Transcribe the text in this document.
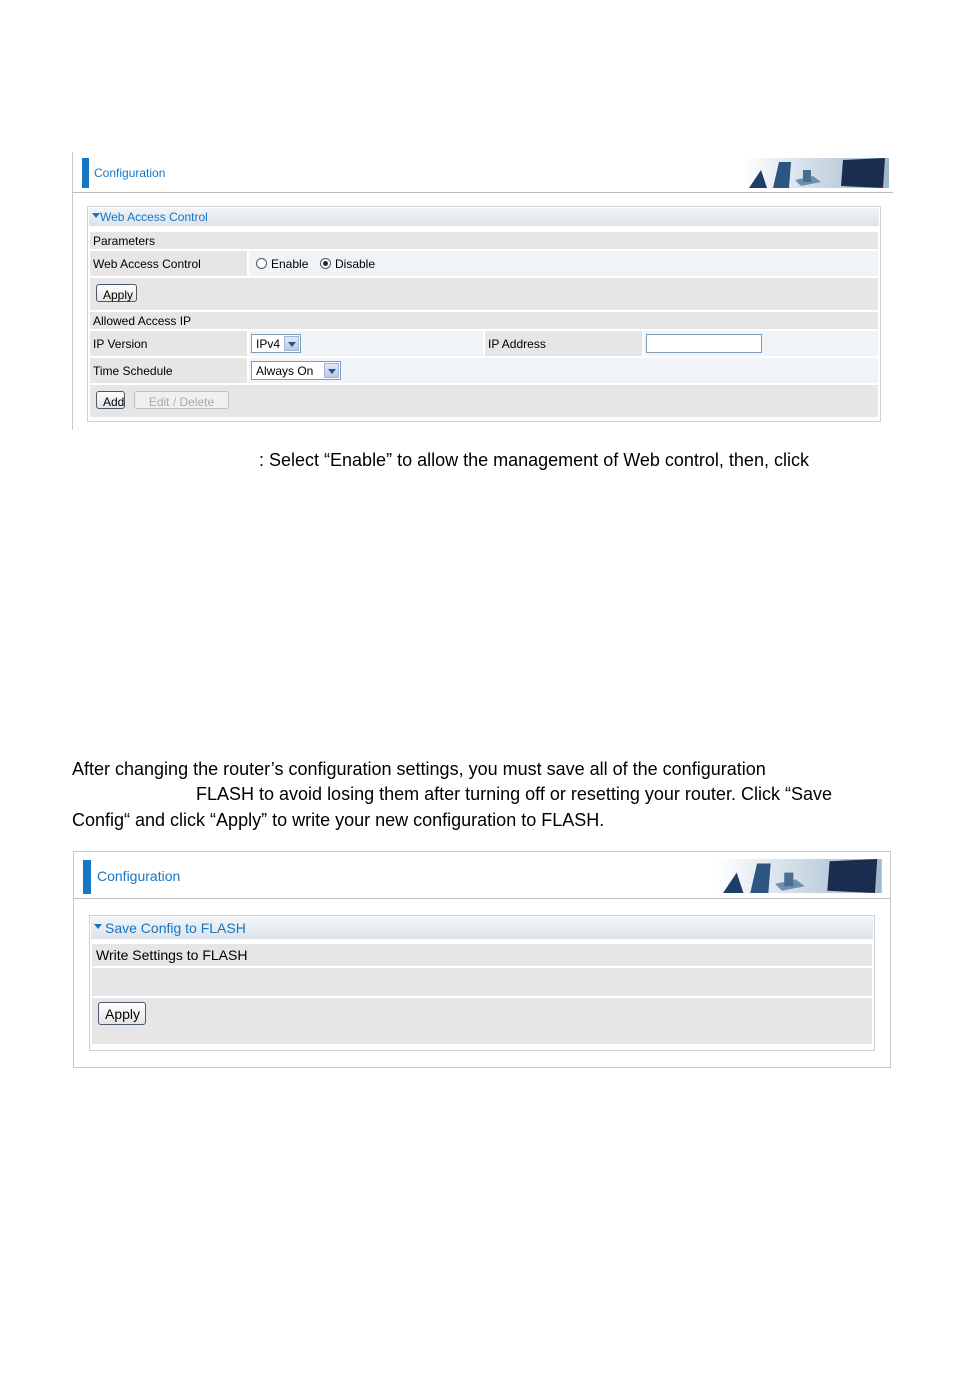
Configuration
Web Access Control
Parameters
Web Access Control	Enable Disable
Apply
Allowed Access IP
IP Version	IPv4	IP Address
Time Schedule	Always On
Add	Edit / Delete
: Select “Enable” to allow the management of Web control, then, click
After changing the router’s configuration settings, you must save all of the configuration
FLASH to avoid losing them after turning off or resetting your router. Click “Save
Config“ and click “Apply” to write your new configuration to FLASH.
Configuration
Save Config to FLASH
Write Settings to FLASH
Apply
